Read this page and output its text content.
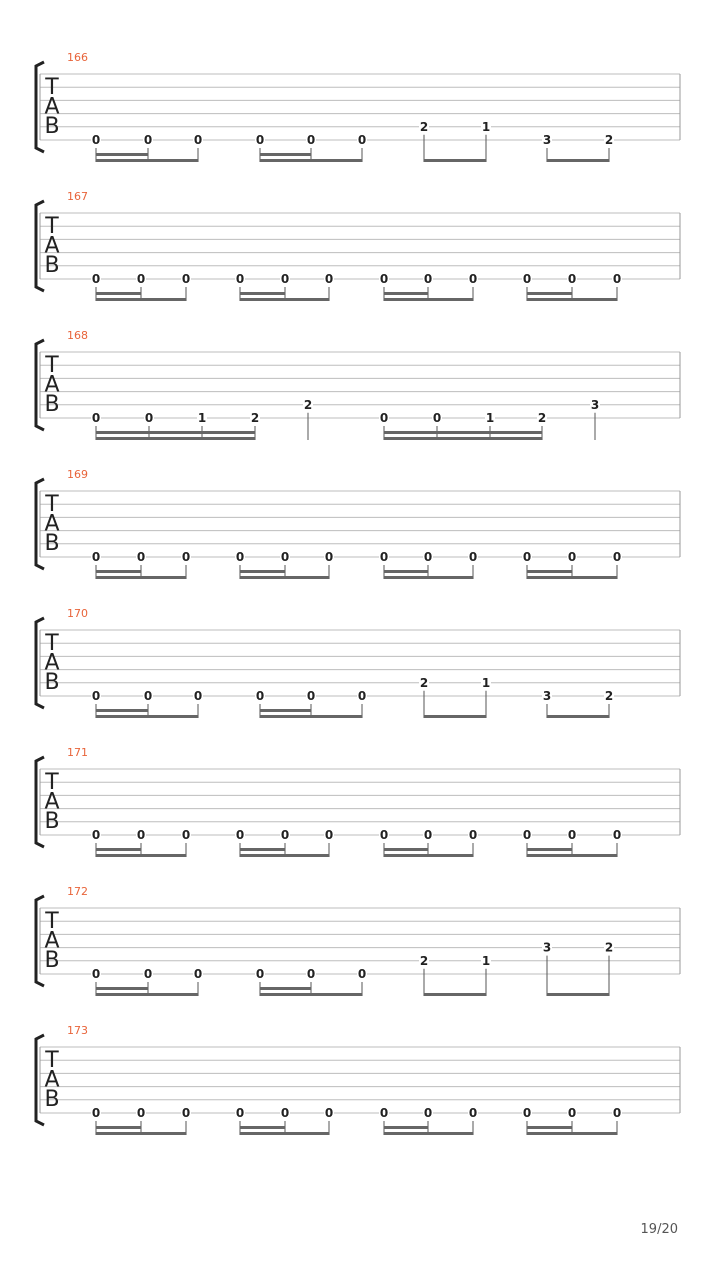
T
A
B
166
0	0	0	0	0	0
2	1
3	2
T
A
B
167
0	0	0	0	0	0	0	0	0	0	0	0
T
A
B
168
0	0	1	2
2
0	0	1	2
3
T
A
B
169
0	0	0	0	0	0	0	0	0	0	0	0
T
A
B
170
0	0	0	0	0	0
2	1
3	2
T
A
B
171
0	0	0	0	0	0	0	0	0	0	0	0
T
A
B
172
0	0	0	0	0	0
2	1
3	2
T
A
B
173
0	0	0	0	0	0	0	0	0	0	0	0
19/20
